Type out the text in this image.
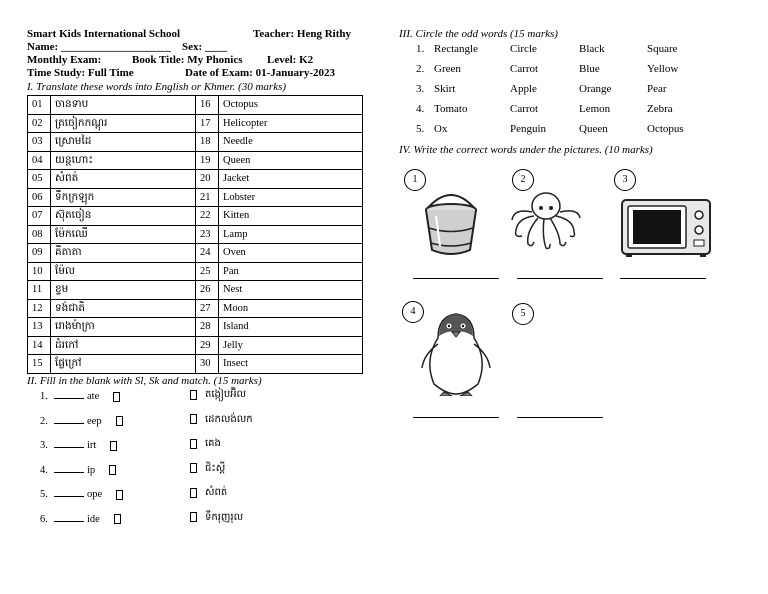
Smart Kids International School	Teacher: Heng Rithy
Name: ____________________ Sex: ____
Monthly Exam:	Book Title: My Phonics Level: K2
Time Study: Full Time	Date of Exam: 01-January-2023
I. Translate these words into English or Khmer. (30 marks)
01	ចានទាប	16	Octopus
02	ត្រចៀកកណ្ដុរ	17	Helicopter
03	ស្រោមដៃ	18	Needle
04	យន្តហោះ	19	Queen
05	សំពត់	20	Jacket
06	ទឹកក្រឡុក	21	Lobster
07	ស៊ុតចៀន	22	Kitten
08	ម៉ែកឈើ	23	Lamp
09	គីតាតា	24	Oven
10	ម៉ែល	25	Pan
11	ខ្ទម	26	Nest
12	ទង់ជាតិ	27	Moon
13	រោងម៉ាក្រា	28	Island
14	ដំរកៅ	29	Jelly
15	ផ្លែក្រៅ	30	Insect
II. Fill in the blank with Sl, Sk and match. (15 marks)
1.	ate	តង្កៀបអ៊ិល
2.	eep	ដេកលង់លក
3.	irt	គេង
4.	ip	ជិះស្គី
5.	ope	សំពត់
6.	ide	ទឹករុញរុល
III. Circle the odd words (15 marks)
1. Rectangle	Circle	Black	Square
2. Green	Carrot	Blue	Yellow
3. Skirt	Apple	Orange	Pear
4. Tomato	Carrot	Lemon	Zebra
5. Ox	Penguin	Queen	Octopus
IV. Write the correct words under the pictures. (10 marks)
1	2	3
4	5
